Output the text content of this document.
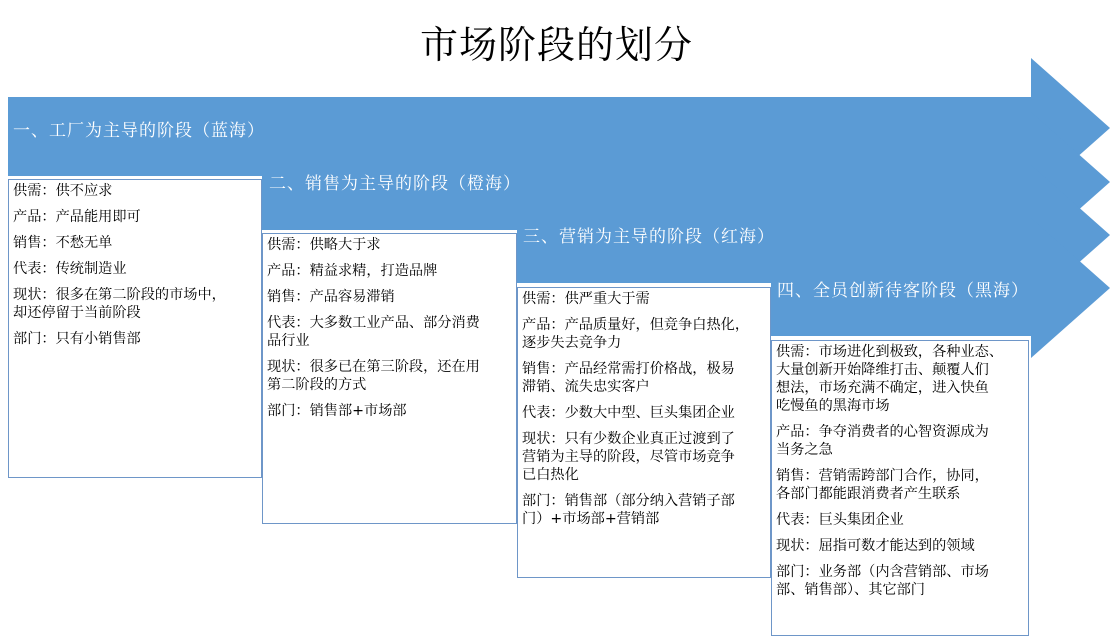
市场阶段的划分
一、工厂为主导的阶段（蓝海）
二、销售为主导的阶段（橙海）
三、营销为主导的阶段（红海）
四、全员创新待客阶段（黑海）
供需：供不应求
产品：产品能用即可
销售：不愁无单
代表：传统制造业
现状：很多在第二阶段的市场中，
却还停留于当前阶段
部门：只有小销售部
供需：供略大于求
产品：精益求精，打造品牌
销售：产品容易滞销
代表：大多数工业产品、部分消费
品行业
现状：很多已在第三阶段，还在用
第二阶段的方式
部门：销售部+市场部
供需：供严重大于需
产品：产品质量好，但竞争白热化，
逐步失去竞争力
销售：产品经常需打价格战，极易
滞销、流失忠实客户
代表：少数大中型、巨头集团企业
现状：只有少数企业真正过渡到了
营销为主导的阶段，尽管市场竞争
已白热化
部门：销售部（部分纳入营销子部
门）+市场部+营销部
供需：市场进化到极致，各种业态、
大量创新开始降维打击、颠覆人们
想法，市场充满不确定，进入快鱼
吃慢鱼的黑海市场
产品：争夺消费者的心智资源成为
当务之急
销售：营销需跨部门合作，协同，
各部门都能跟消费者产生联系
代表：巨头集团企业
现状：屈指可数才能达到的领域
部门：业务部（内含营销部、市场
部、销售部）、其它部门
